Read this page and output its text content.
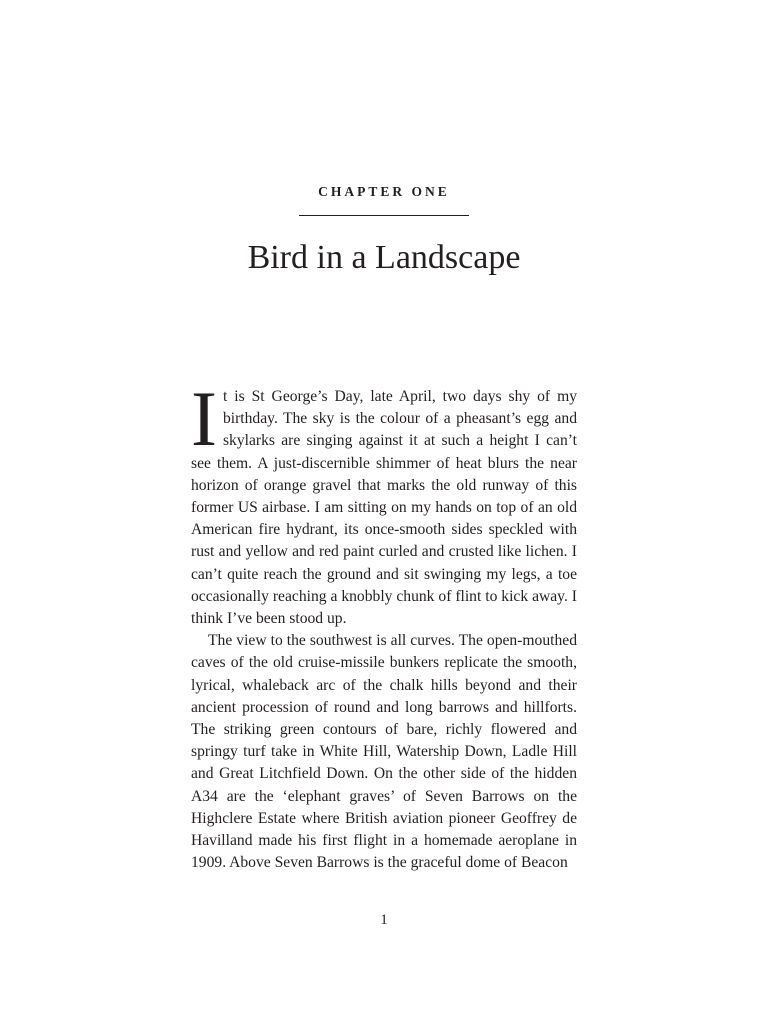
CHAPTER ONE
Bird in a Landscape

It is St George’s Day, late April, two days shy of my birthday. The sky is the colour of a pheasant’s egg and skylarks are singing against it at such a height I can’t see them. A just-discernible shimmer of heat blurs the near horizon of orange gravel that marks the old runway of this former US airbase. I am sitting on my hands on top of an old American fire hydrant, its once-smooth sides speckled with rust and yellow and red paint curled and crusted like lichen. I can’t quite reach the ground and sit swinging my legs, a toe occasionally reaching a knobbly chunk of flint to kick away. I think I’ve been stood up.

The view to the southwest is all curves. The open-mouthed caves of the old cruise-missile bunkers replicate the smooth, lyrical, whaleback arc of the chalk hills beyond and their ancient procession of round and long barrows and hillforts. The striking green contours of bare, richly flowered and springy turf take in White Hill, Watership Down, Ladle Hill and Great Litchfield Down. On the other side of the hidden A34 are the ‘elephant graves’ of Seven Barrows on the Highclere Estate where British aviation pioneer Geoffrey de Havilland made his first flight in a homemade aeroplane in 1909. Above Seven Barrows is the graceful dome of Beacon

1
